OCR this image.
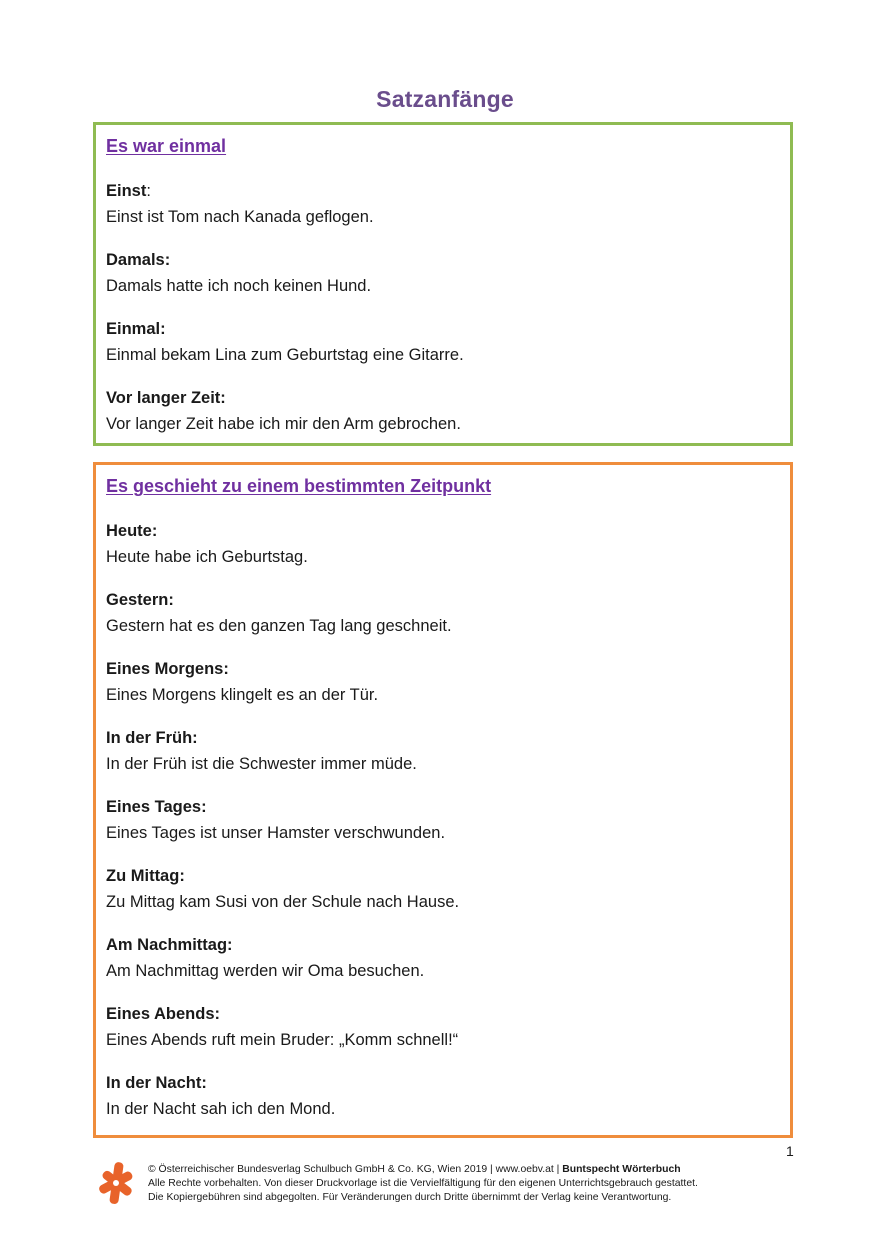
Satzanfänge
Es war einmal
Einst:
Einst ist Tom nach Kanada geflogen.
Damals:
Damals hatte ich noch keinen Hund.
Einmal:
Einmal bekam Lina zum Geburtstag eine Gitarre.
Vor langer Zeit:
Vor langer Zeit habe ich mir den Arm gebrochen.
Es geschieht zu einem bestimmten Zeitpunkt
Heute:
Heute habe ich Geburtstag.
Gestern:
Gestern hat es den ganzen Tag lang geschneit.
Eines Morgens:
Eines Morgens klingelt es an der Tür.
In der Früh:
In der Früh ist die Schwester immer müde.
Eines Tages:
Eines Tages ist unser Hamster verschwunden.
Zu Mittag:
Zu Mittag kam Susi von der Schule nach Hause.
Am Nachmittag:
Am Nachmittag werden wir Oma besuchen.
Eines Abends:
Eines Abends ruft mein Bruder: „Komm schnell!“
In der Nacht:
In der Nacht sah ich den Mond.
1
© Österreichischer Bundesverlag Schulbuch GmbH & Co. KG, Wien 2019 | www.oebv.at | Buntspecht Wörterbuch
Alle Rechte vorbehalten. Von dieser Druckvorlage ist die Vervielfältigung für den eigenen Unterrichtsgebrauch gestattet.
Die Kopiergebühren sind abgegolten. Für Veränderungen durch Dritte übernimmt der Verlag keine Verantwortung.
